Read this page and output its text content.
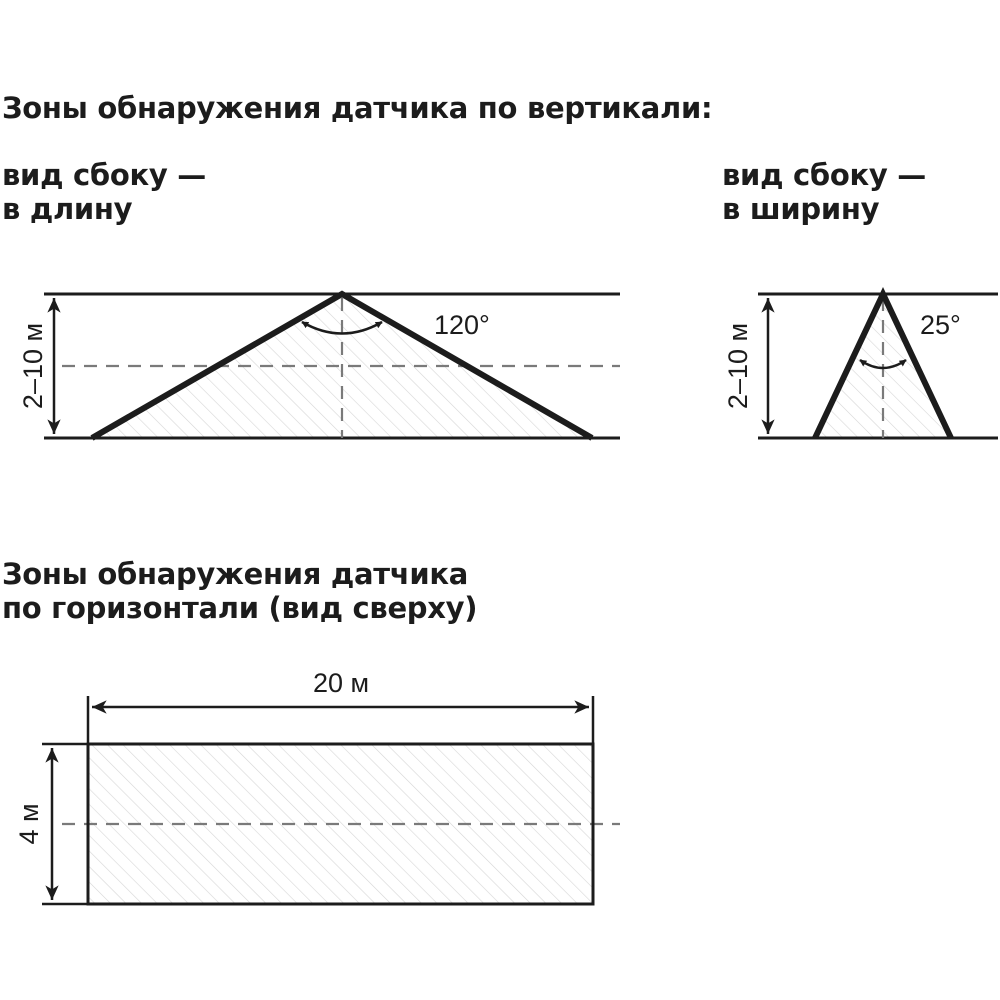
Зоны обнаружения датчика по вертикали:
вид сбоку —
в длину
вид сбоку —
в ширину
Зоны обнаружения датчика
по горизонтали (вид сверху)
2–10 м	120°	2–10 м	25°
20 м
4 м
